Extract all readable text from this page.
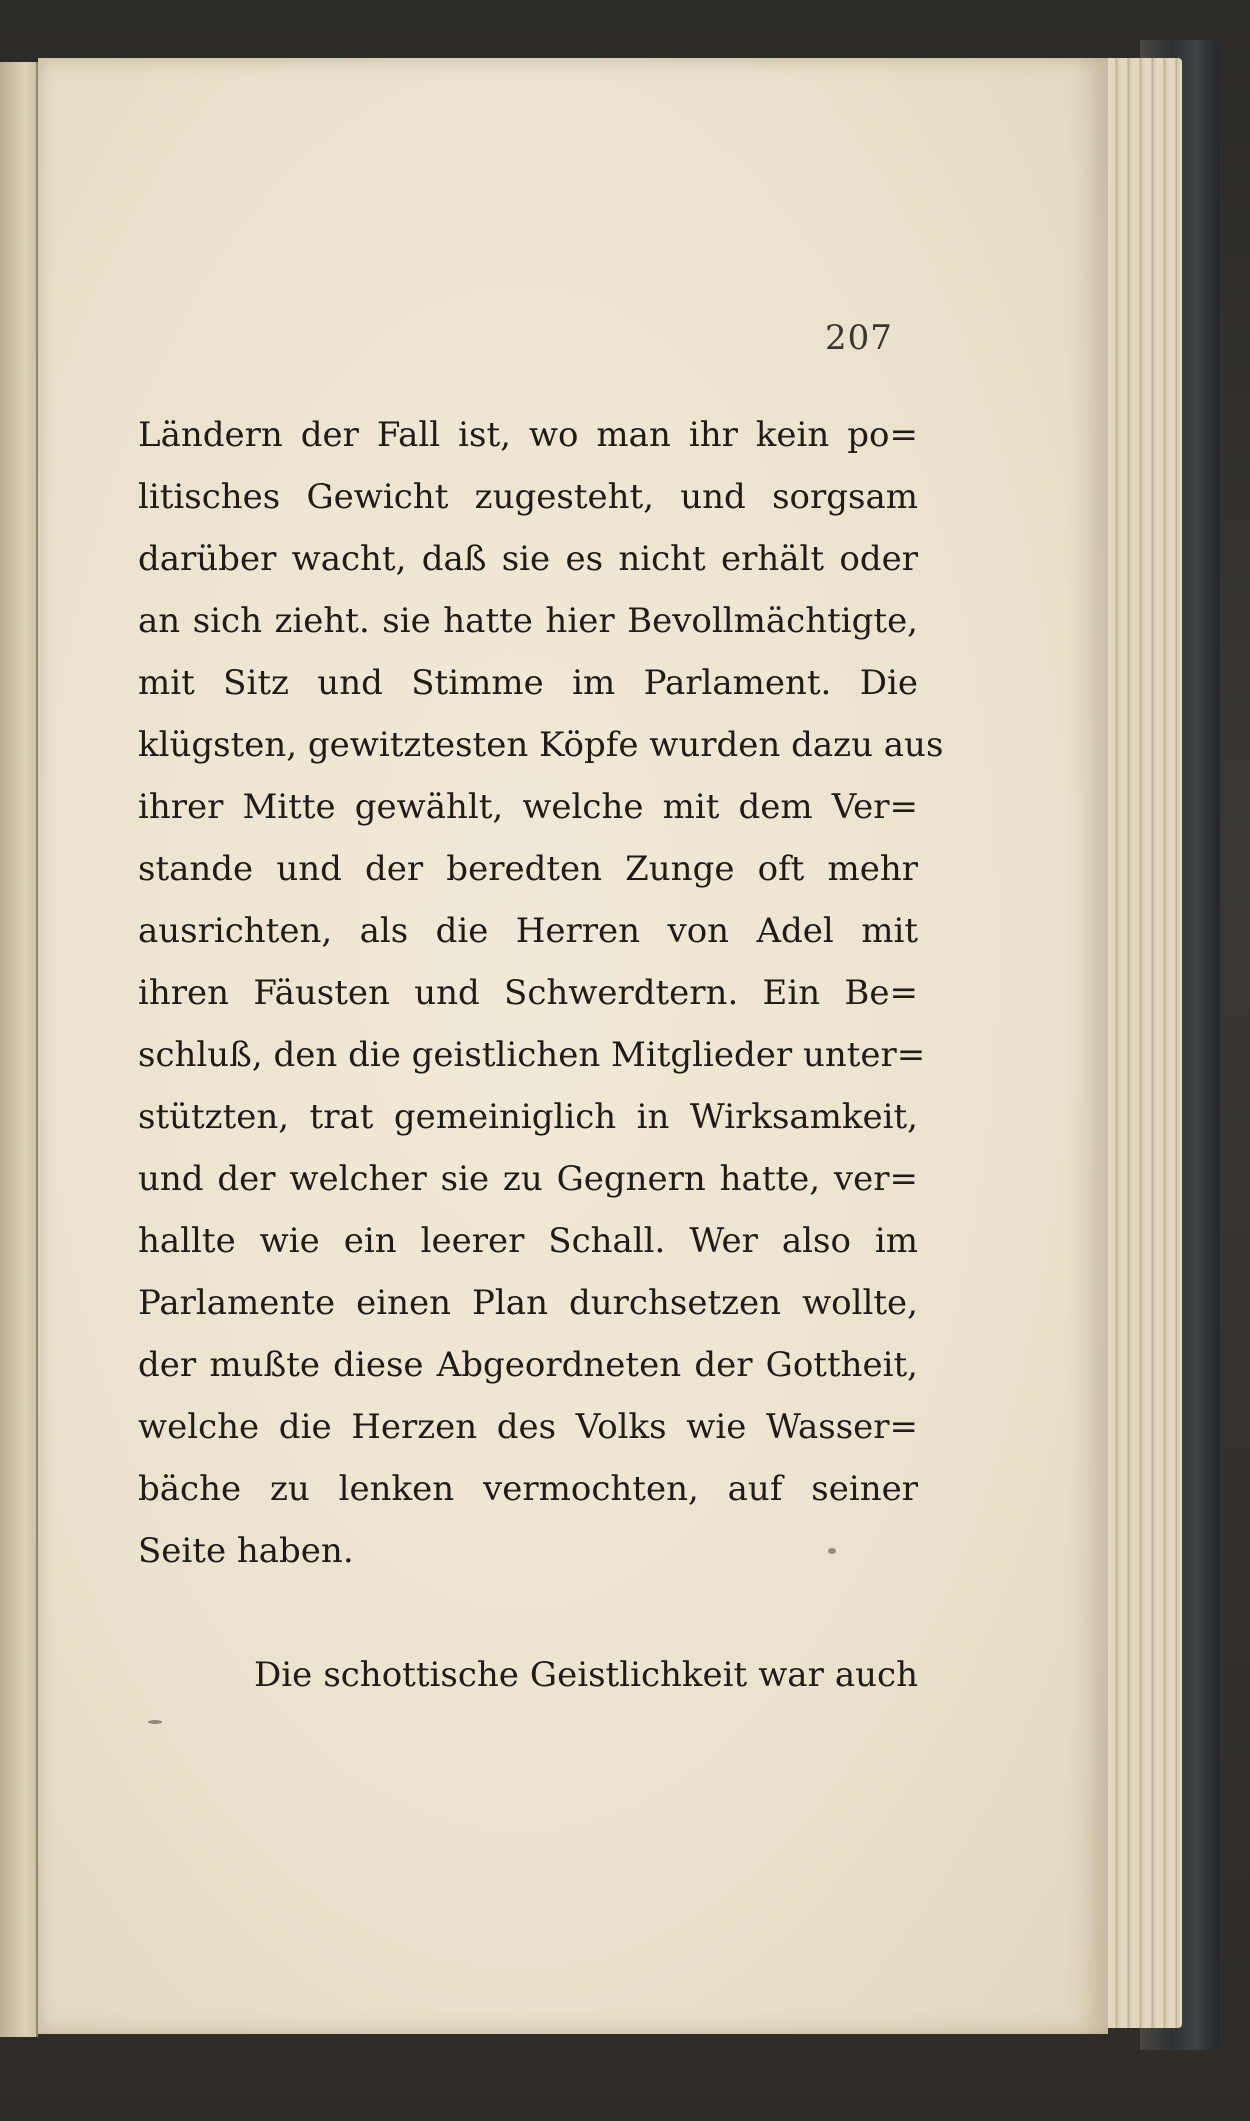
207
Ländern der Fall ist, wo man ihr kein po=
litisches Gewicht zugesteht, und sorgsam
darüber wacht, daß sie es nicht erhält oder
an sich zieht. sie hatte hier Bevollmächtigte,
mit Sitz und Stimme im Parlament. Die
klügsten, gewitztesten Köpfe wurden dazu aus
ihrer Mitte gewählt, welche mit dem Ver=
stande und der beredten Zunge oft mehr
ausrichten, als die Herren von Adel mit
ihren Fäusten und Schwerdtern. Ein Be=
schluß, den die geistlichen Mitglieder unter=
stützten, trat gemeiniglich in Wirksamkeit,
und der welcher sie zu Gegnern hatte, ver=
hallte wie ein leerer Schall. Wer also im
Parlamente einen Plan durchsetzen wollte,
der mußte diese Abgeordneten der Gottheit,
welche die Herzen des Volks wie Wasser=
bäche zu lenken vermochten, auf seiner
Seite haben.
Die schottische Geistlichkeit war auch
